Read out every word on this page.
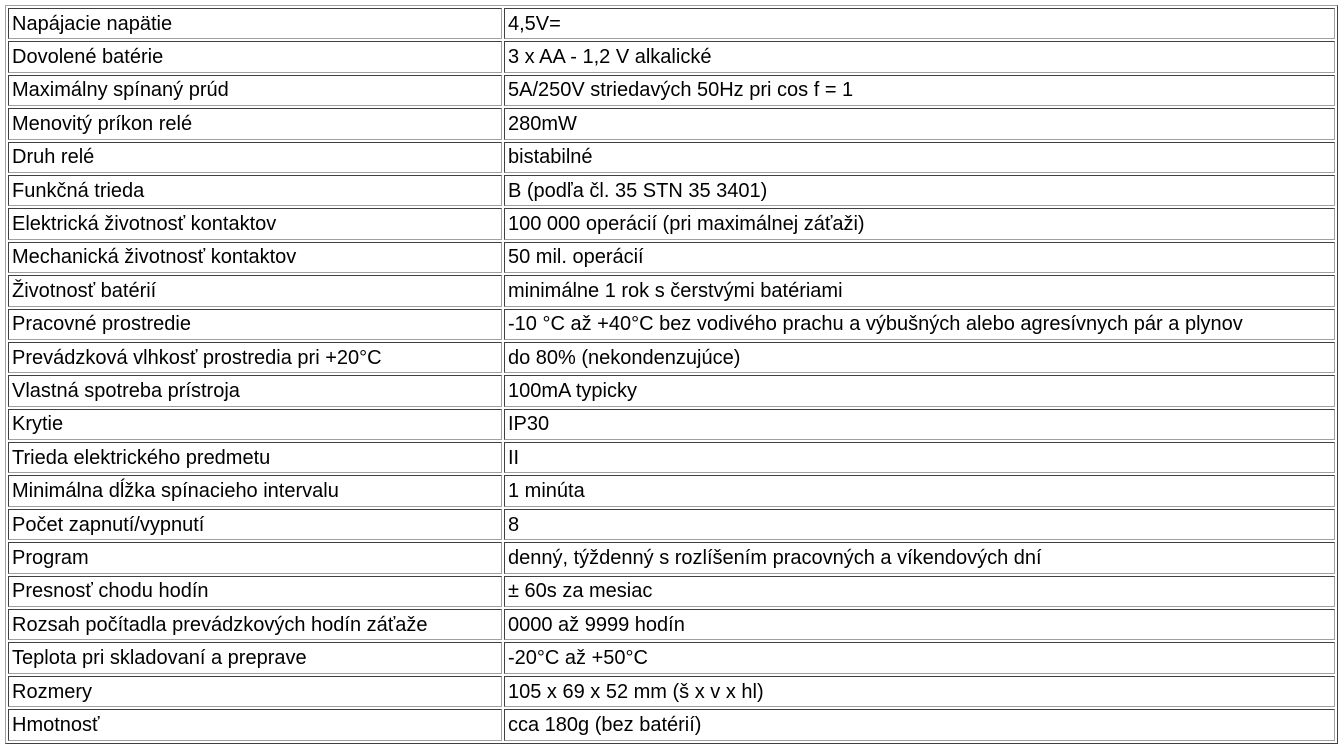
Napájacie napätie	4,5V=
Dovolené batérie	3 x AA - 1,2 V alkalické
Maximálny spínaný prúd	5A/250V striedavých 50Hz pri cos f = 1
Menovitý príkon relé	280mW
Druh relé	bistabilné
Funkčná trieda	B (podľa čl. 35 STN 35 3401)
Elektrická životnosť kontaktov	100 000 operácií (pri maximálnej záťaži)
Mechanická životnosť kontaktov	50 mil. operácií
Životnosť batérií	minimálne 1 rok s čerstvými batériami
Pracovné prostredie	-10 °C až +40°C bez vodivého prachu a výbušných alebo agresívnych pár a plynov
Prevádzková vlhkosť prostredia pri +20°C	do 80% (nekondenzujúce)
Vlastná spotreba prístroja	100mA typicky
Krytie	IP30
Trieda elektrického predmetu	II
Minimálna dĺžka spínacieho intervalu	1 minúta
Počet zapnutí/vypnutí	8
Program	denný, týždenný s rozlíšením pracovných a víkendových dní
Presnosť chodu hodín	± 60s za mesiac
Rozsah počítadla prevádzkových hodín záťaže	0000 až 9999 hodín
Teplota pri skladovaní a preprave	-20°C až +50°C
Rozmery	105 x 69 x 52 mm (š x v x hl)
Hmotnosť	cca 180g (bez batérií)
